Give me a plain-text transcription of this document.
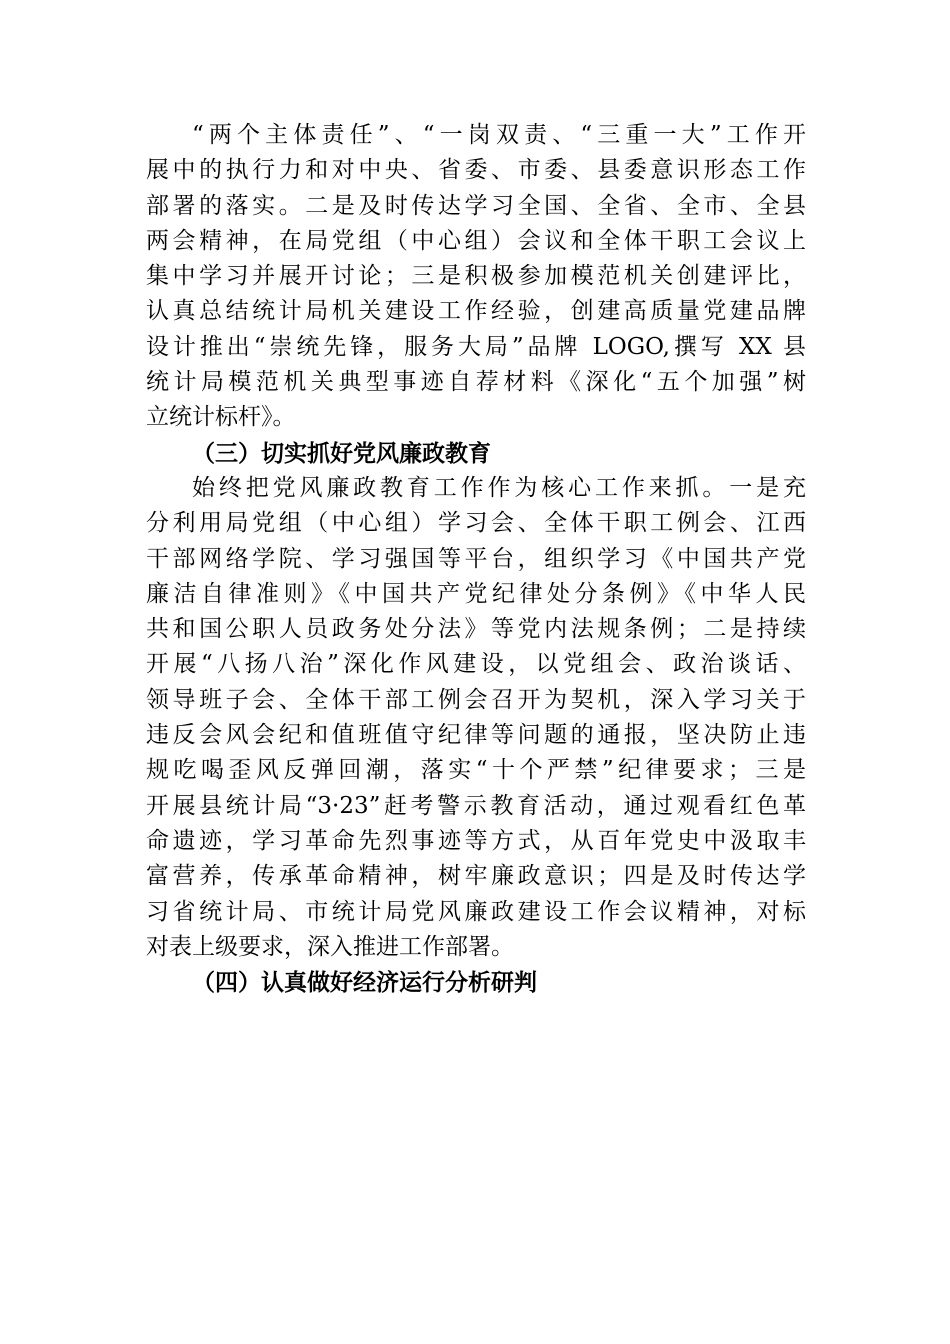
“两个主体责任”、“一岗双责、“三重一大”工作开
展中的执行力和对中央、省委、市委、县委意识形态工作
部署的落实。二是及时传达学习全国、全省、全市、全县
两会精神，在局党组（中心组）会议和全体干职工会议上
集中学习并展开讨论；三是积极参加模范机关创建评比，
认真总结统计局机关建设工作经验，创建高质量党建品牌
设计推出“崇统先锋，服务大局”品牌 LOGO,撰写 XX 县
统计局模范机关典型事迹自荐材料《深化“五个加强”树
立统计标杆》。
（三）切实抓好党风廉政教育
始终把党风廉政教育工作作为核心工作来抓。一是充
分利用局党组（中心组）学习会、全体干职工例会、江西
干部网络学院、学习强国等平台，组织学习《中国共产党
廉洁自律准则》《中国共产党纪律处分条例》《中华人民
共和国公职人员政务处分法》等党内法规条例；二是持续
开展“八扬八治”深化作风建设，以党组会、政治谈话、
领导班子会、全体干部工例会召开为契机，深入学习关于
违反会风会纪和值班值守纪律等问题的通报，坚决防止违
规吃喝歪风反弹回潮，落实“十个严禁”纪律要求；三是
开展县统计局“3·23”赶考警示教育活动，通过观看红色革
命遗迹，学习革命先烈事迹等方式，从百年党史中汲取丰
富营养，传承革命精神，树牢廉政意识；四是及时传达学
习省统计局、市统计局党风廉政建设工作会议精神，对标
对表上级要求，深入推进工作部署。
（四）认真做好经济运行分析研判
